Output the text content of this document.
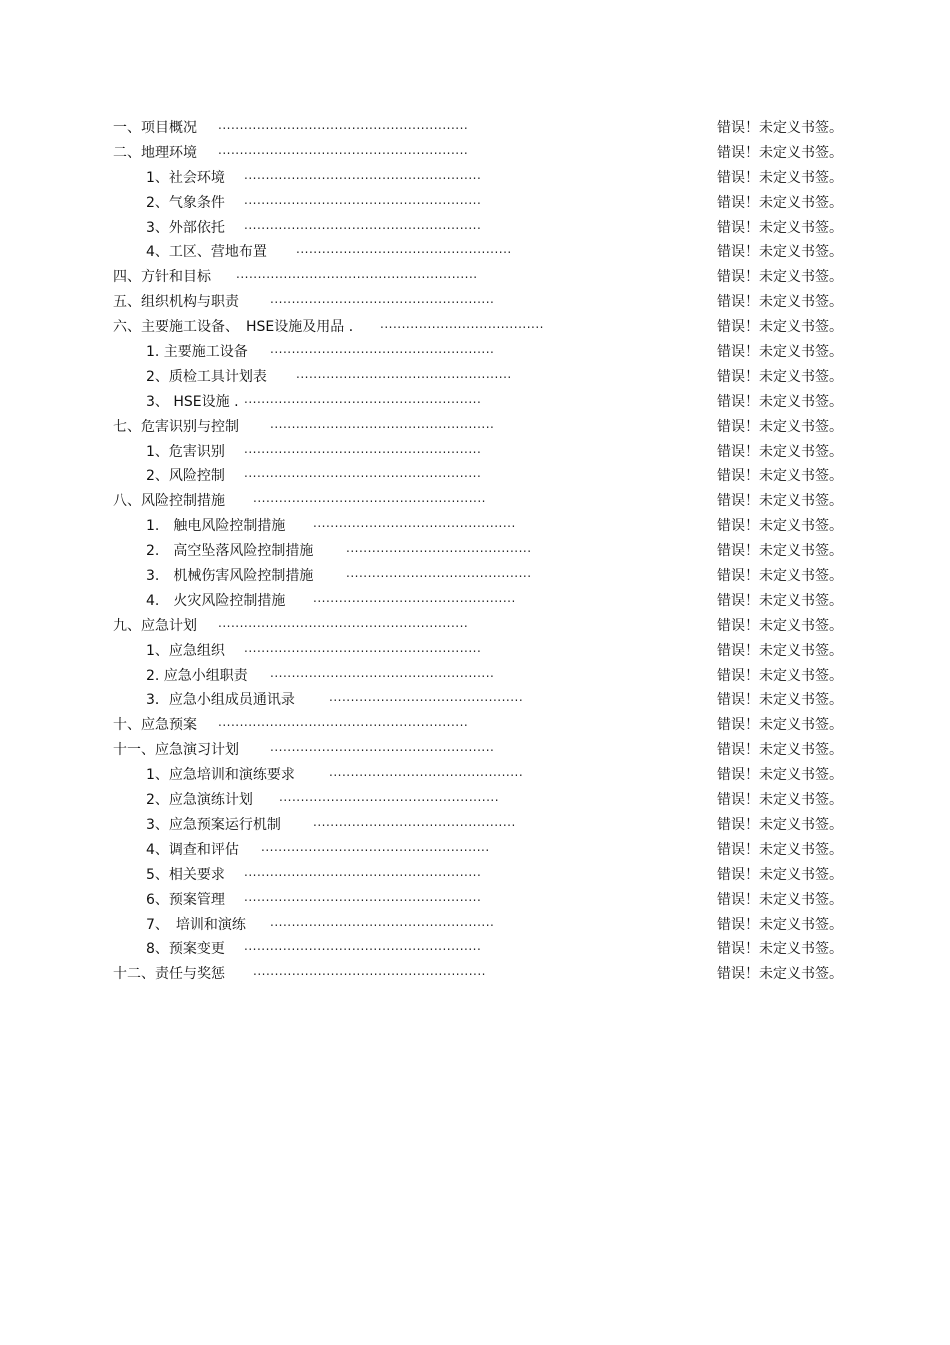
一、项目概况 ..........................................................	错误！未定义书签。
二、地理环境 ..........................................................	错误！未定义书签。
1、社会环境 .......................................................	错误！未定义书签。
2、气象条件 .......................................................	错误！未定义书签。
3、外部依托 .......................................................	错误！未定义书签。
4、工区、营地布置 ..................................................	错误！未定义书签。
四、方针和目标 ........................................................	错误！未定义书签。
五、组织机构与职责	....................................................	错误！未定义书签。
六、主要施工设备、　HSE设施及用品 ． ......................................	错误！未定义书签。
1. 主要施工设备 ....................................................	错误！未定义书签。
2、质检工具计划表 ..................................................	错误！未定义书签。
3、 HSE设施 . .......................................................	错误！未定义书签。
七、危害识别与控制	....................................................	错误！未定义书签。
1、危害识别 .......................................................	错误！未定义书签。
2、风险控制 .......................................................	错误！未定义书签。
八、风险控制措施 ......................................................	错误！未定义书签。
1.　触电风险控制措施 ...............................................	错误！未定义书签。
2.　高空坠落风险控制措施	...........................................	错误！未定义书签。
3.　机械伤害风险控制措施	...........................................	错误！未定义书签。
4.　火灾风险控制措施 ...............................................	错误！未定义书签。
九、应急计划 ..........................................................	错误！未定义书签。
1、应急组织 .......................................................	错误！未定义书签。
2. 应急小组职责 ....................................................	错误！未定义书签。
3．应急小组成员通讯录	.............................................	错误！未定义书签。
十、应急预案 ..........................................................	错误！未定义书签。
十一、应急演习计划	....................................................	错误！未定义书签。
1、应急培训和演练要求	.............................................	错误！未定义书签。
2、应急演练计划 ...................................................	错误！未定义书签。
3、应急预案运行机制	...............................................	错误！未定义书签。
4、调查和评估 .....................................................	错误！未定义书签。
5、相关要求 .......................................................	错误！未定义书签。
6、预案管理 .......................................................	错误！未定义书签。
7、　培训和演练 ....................................................	错误！未定义书签。
8、预案变更 .......................................................	错误！未定义书签。
十二、责任与奖惩 ......................................................	错误！未定义书签。
